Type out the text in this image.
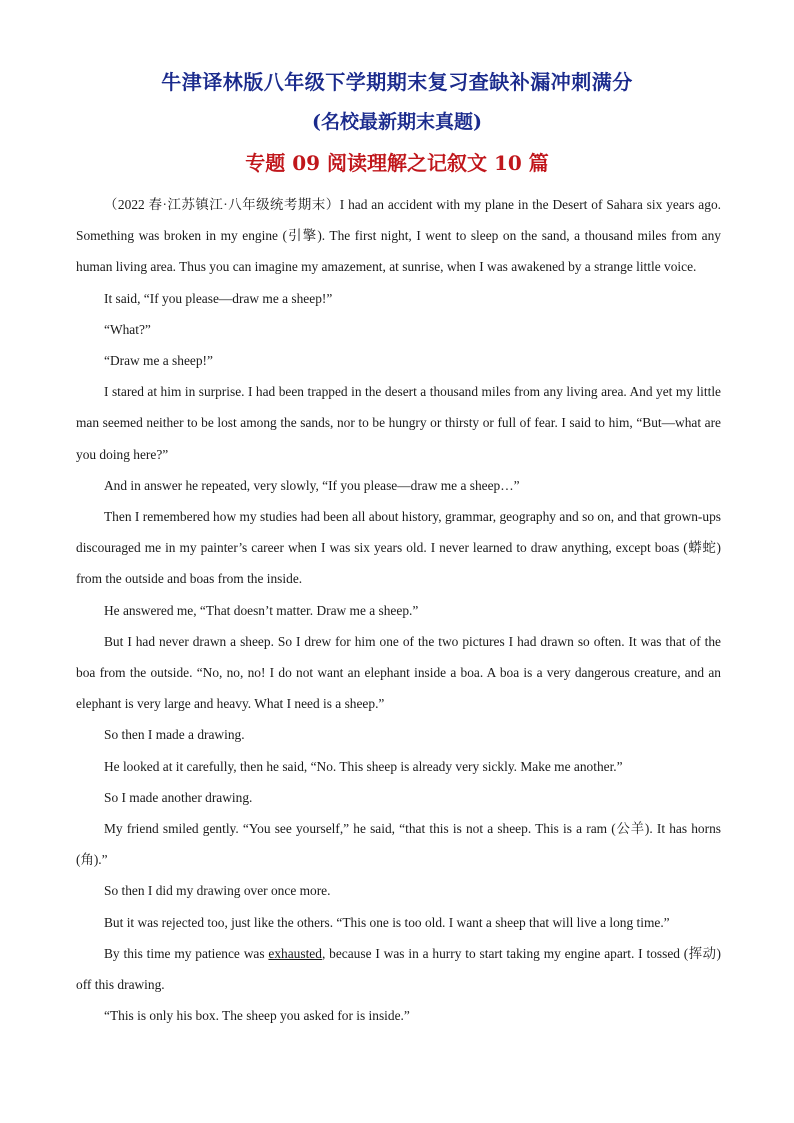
牛津译林版八年级下学期期末复习查缺补漏冲刺满分
(名校最新期末真题)
专题 09 阅读理解之记叙文 10 篇

（2022 春·江苏镇江·八年级统考期末）I had an accident with my plane in the Desert of Sahara six years ago. Something was broken in my engine (引擎). The first night, I went to sleep on the sand, a thousand miles from any human living area. Thus you can imagine my amazement, at sunrise, when I was awakened by a strange little voice.

It said, “If you please—draw me a sheep!”

“What?”

“Draw me a sheep!”

I stared at him in surprise. I had been trapped in the desert a thousand miles from any living area. And yet my little man seemed neither to be lost among the sands, nor to be hungry or thirsty or full of fear. I said to him, “But—what are you doing here?”

And in answer he repeated, very slowly, “If you please—draw me a sheep…”

Then I remembered how my studies had been all about history, grammar, geography and so on, and that grown-ups discouraged me in my painter’s career when I was six years old. I never learned to draw anything, except boas (蟒蛇) from the outside and boas from the inside.

He answered me, “That doesn’t matter. Draw me a sheep.”

But I had never drawn a sheep. So I drew for him one of the two pictures I had drawn so often. It was that of the boa from the outside. “No, no, no! I do not want an elephant inside a boa. A boa is a very dangerous creature, and an elephant is very large and heavy. What I need is a sheep.”

So then I made a drawing.

He looked at it carefully, then he said, “No. This sheep is already very sickly. Make me another.”

So I made another drawing.

My friend smiled gently. “You see yourself,” he said, “that this is not a sheep. This is a ram (公羊). It has horns (角).”

So then I did my drawing over once more.

But it was rejected too, just like the others. “This one is too old. I want a sheep that will live a long time.”

By this time my patience was exhausted, because I was in a hurry to start taking my engine apart. I tossed (挥动) off this drawing.

“This is only his box. The sheep you asked for is inside.”
